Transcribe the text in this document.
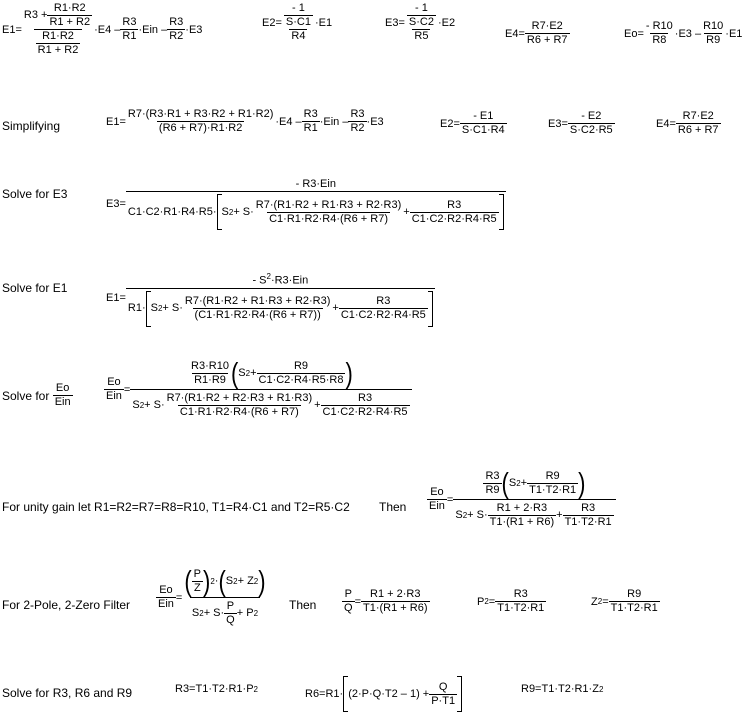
$E1= \frac{R3 + \frac{R1\cdot R2}{R1 + R2}}{\frac{R1\cdot R2}{R1 + R2}} \cdot E4 - \frac{R3}{R1} \cdot Ein - \frac{R3}{R2} \cdot E3$
$E2= \frac{\frac{- 1}{S\cdot C1}}{R4} \cdot E1$	$E3= \frac{\frac{- 1}{S\cdot C2}}{R5} \cdot E2$
$E4= \frac{R7\cdot E2}{R6 + R7}$	$Eo= \frac{- R10}{R8} \cdot E3 - \frac{R10}{R9} \cdot E1$
Simplifying	$E1= \frac{R7\cdot(R3\cdot R1 + R3\cdot R2 + R1\cdot R2)}{(R6 + R7)\cdot R1\cdot R2} \cdot E4 - \frac{R3}{R1} \cdot Ein - \frac{R3}{R2} \cdot E3$	$E2= \frac{- E1}{S\cdot C1\cdot R4}$	$E3= \frac{- E2}{S\cdot C2\cdot R5}$	$E4= \frac{R7\cdot E2}{R6 + R7}$
Solve for E3
E3=
- R3·Ein
C1·C2·R1·R4·R5· S $2 + S\cdot \frac{R7\cdot(R1\cdot R2 + R1\cdot R3 + R2\cdot R3)}{C1\cdot R1\cdot R2\cdot R4\cdot(R6 + R7)} + \frac{R3}{C1\cdot C2\cdot R2\cdot R4\cdot R5}$
Solve for E1
E1=
- $S^2\cdot R3\cdot Ein$
R1· S $2 + S\cdot \frac{R7\cdot(R1\cdot R2 + R1\cdot R3 + R2\cdot R3)}{(C1\cdot R1\cdot R2\cdot R4\cdot(R6 + R7))} + \frac{R3}{C1\cdot C2\cdot R2\cdot R4\cdot R5}$
Solve for
$\frac{Eo}{\text{Ein}}$	$\frac{Eo}{\text{Ein}}$ =
$\frac{R3\cdot R10}{R1\cdot R9}$ ( S $2 + \frac{R9}{C1\cdot C2\cdot R4\cdot R5\cdot R8}$ )
S $2 + S\cdot \frac{R7\cdot(R1\cdot R2 + R2\cdot R3 + R1\cdot R3)}{C1\cdot R1\cdot R2\cdot R4\cdot(R6 + R7)} + \frac{R3}{C1\cdot C2\cdot R2\cdot R4\cdot R5}$
For unity gain let R1=R2=R7=R8=R10, T1=R4·C1 and T2=R5·C2 Then $\frac{Eo}{\text{Ein}}$ =
$\frac{R3}{R9}$ ( S $2 + \frac{R9}{T1\cdot T2\cdot R1}$ )
S $2 + S\cdot \frac{R1 + 2\cdot R3}{T1\cdot(R1 + R6)} + \frac{R3}{T1\cdot T2\cdot R1}$
For 2-Pole, 2-Zero Filter $\frac{Eo}{\text{Ein}} = \frac{( \frac{P}{Z} ) 2 \cdot ( S 2 + Z 2 )}{S 2 + S\cdot \frac{P}{Q} + P 2}$ Then $\frac{P}{Q} = \frac{R1 + 2\cdot R3}{T1\cdot(R1 + R6)}$	P $2 = \frac{R3}{T1\cdot T2\cdot R1}$	Z $2 = \frac{R9}{T1\cdot T2\cdot R1}$
Solve for R3, R6 and R9	R3=T1·T2·R1·P 2	$R6=R1\cdot (2\cdot P\cdot Q\cdot T2 - 1) + \frac{Q}{P\cdot T1}$	R9=T1·T2·R1·Z 2
